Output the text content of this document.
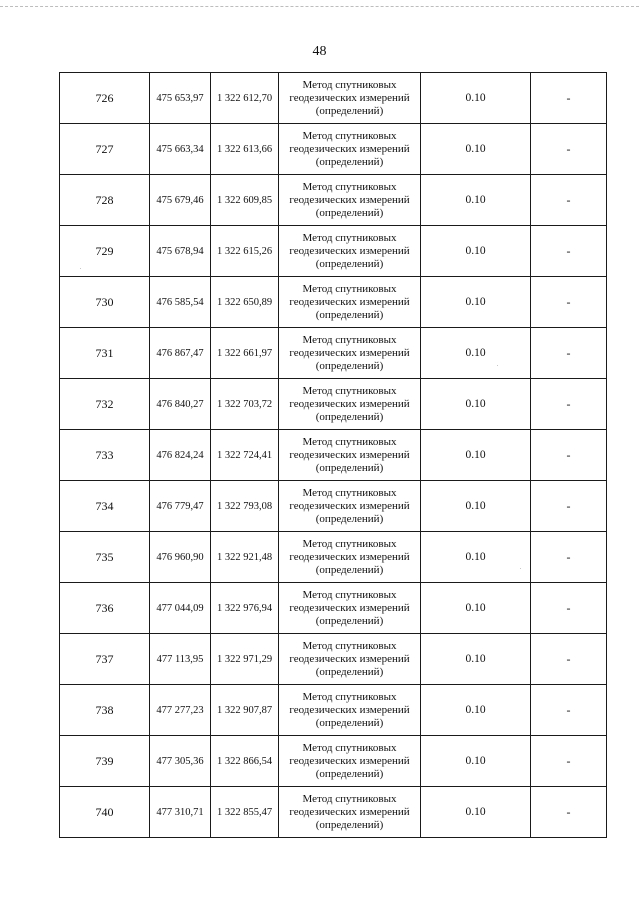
48
726	475 653,97	1 322 612,70	Метод спутниковых
геодезических измерений
(определений)	0.10	-
727	475 663,34	1 322 613,66	Метод спутниковых
геодезических измерений
(определений)	0.10	-
728	475 679,46	1 322 609,85	Метод спутниковых
геодезических измерений
(определений)	0.10	-
729	475 678,94	1 322 615,26	Метод спутниковых
геодезических измерений
(определений)	0.10	-
730	476 585,54	1 322 650,89	Метод спутниковых
геодезических измерений
(определений)	0.10	-
731	476 867,47	1 322 661,97	Метод спутниковых
геодезических измерений
(определений)	0.10	-
732	476 840,27	1 322 703,72	Метод спутниковых
геодезических измерений
(определений)	0.10	-
733	476 824,24	1 322 724,41	Метод спутниковых
геодезических измерений
(определений)	0.10	-
734	476 779,47	1 322 793,08	Метод спутниковых
геодезических измерений
(определений)	0.10	-
735	476 960,90	1 322 921,48	Метод спутниковых
геодезических измерений
(определений)	0.10	-
736	477 044,09	1 322 976,94	Метод спутниковых
геодезических измерений
(определений)	0.10	-
737	477 113,95	1 322 971,29	Метод спутниковых
геодезических измерений
(определений)	0.10	-
738	477 277,23	1 322 907,87	Метод спутниковых
геодезических измерений
(определений)	0.10	-
739	477 305,36	1 322 866,54	Метод спутниковых
геодезических измерений
(определений)	0.10	-
740	477 310,71	1 322 855,47	Метод спутниковых
геодезических измерений
(определений)	0.10	-
